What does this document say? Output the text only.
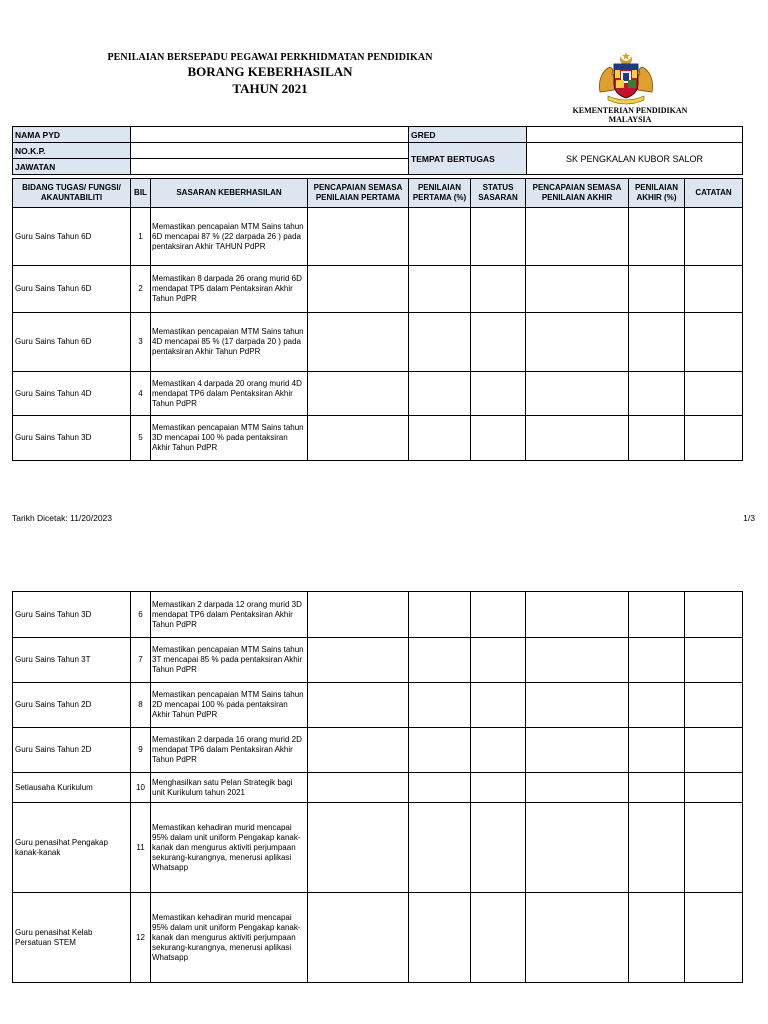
PENILAIAN BERSEPADU PEGAWAI PERKHIDMATAN PENDIDIKAN
BORANG KEBERHASILAN
TAHUN 2021
KEMENTERIAN PENDIDIKAN
MALAYSIA
NAMA PYD		GRED	
NO.K.P.		TEMPAT BERTUGAS	SK PENGKALAN KUBOR SALOR
JAWATAN			
BIDANG TUGAS/ FUNGSI/ AKAUNTABILITI	BIL	SASARAN KEBERHASILAN	PENCAPAIAN SEMASA PENILAIAN PERTAMA	PENILAIAN PERTAMA (%)	STATUS SASARAN	PENCAPAIAN SEMASA PENILAIAN AKHIR	PENILAIAN AKHIR (%)	CATATAN
Guru Sains Tahun 6D	1	Memastikan pencapaian MTM Sains tahun 6D mencapai 87 % (22 darpada 26 ) pada pentaksiran Akhir TAHUN PdPR						
Guru Sains Tahun 6D	2	Memastikan 8 darpada 26 orang murid 6D mendapat TP5 dalam Pentaksiran Akhir Tahun PdPR						
Guru Sains Tahun 6D	3	Memastikan pencapaian MTM Sains tahun 4D mencapai 85 % (17 darpada 20 ) pada pentaksiran Akhir Tahun PdPR						
Guru Sains Tahun 4D	4	Memastikan 4 darpada 20 orang murid 4D mendapat TP6 dalam Pentaksiran Akhir Tahun PdPR						
Guru Sains Tahun 3D	5	Memastikan pencapaian MTM Sains tahun 3D mencapai 100 % pada pentaksiran Akhir Tahun PdPR						
Tarikh Dicetak: 11/20/2023	1/3
Guru Sains Tahun 3D	6	Memastikan 2 darpada 12 orang murid 3D mendapat TP6 dalam Pentaksiran Akhir Tahun PdPR						
Guru Sains Tahun 3T	7	Memastikan pencapaian MTM Sains tahun 3T mencapai 85 % pada pentaksiran Akhir Tahun PdPR						
Guru Sains Tahun 2D	8	Memastikan pencapaian MTM Sains tahun 2D mencapai 100 % pada pentaksiran Akhir Tahun PdPR						
Guru Sains Tahun 2D	9	Memastikan 2 darpada 16 orang murid 2D mendapat TP6 dalam Pentaksiran Akhir Tahun PdPR						
Setiausaha Kurikulum	10	Menghasilkan satu Pelan Strategik bagi unit Kurikulum tahun 2021						
Guru penasihat Pengakap kanak-kanak	11	Memastikan kehadiran murid mencapai 95% dalam unit uniform Pengakap kanak-kanak dan mengurus aktiviti perjumpaan sekurang-kurangnya, menerusi aplikasi Whatsapp						
Guru penasihat Kelab Persatuan STEM	12	Memastikan kehadiran murid mencapai 95% dalam unit uniform Pengakap kanak-kanak dan mengurus aktiviti perjumpaan sekurang-kurangnya, menerusi aplikasi Whatsapp						
